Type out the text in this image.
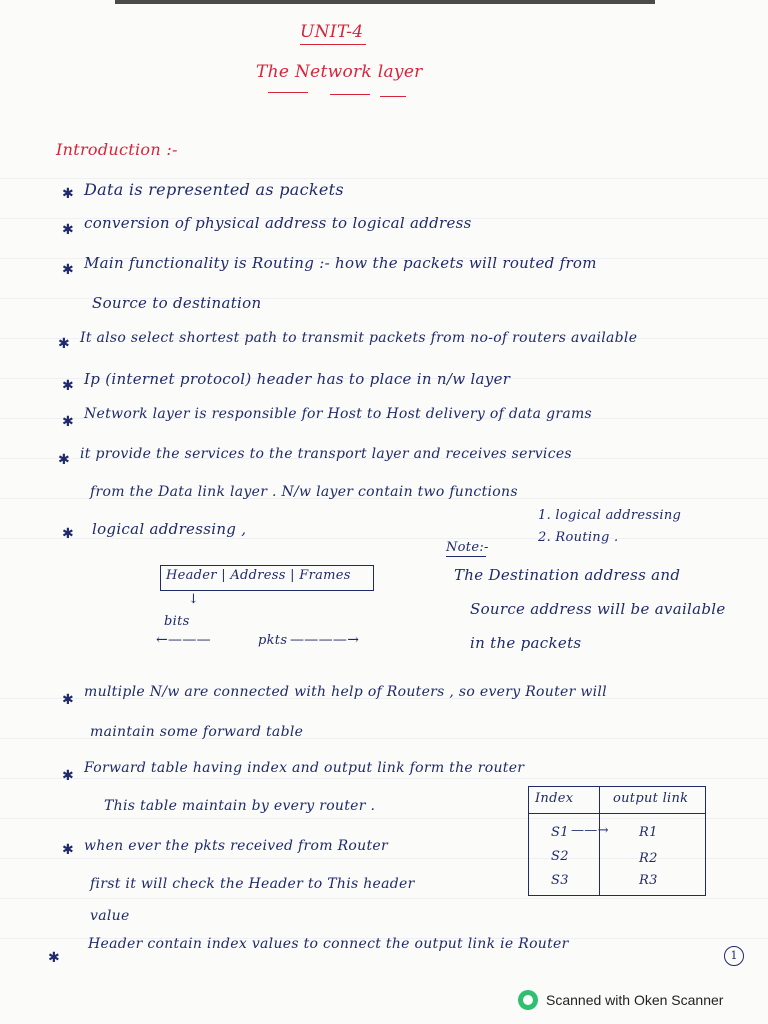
UNIT-4
The Network layer
Introduction :-
✱ Data is represented as packets
✱ conversion of physical address to logical address
✱ Main functionality is Routing :- how the packets will routed from
Source to destination
✱ It also select shortest path to transmit packets from no-of routers available
✱ Ip (internet protocol) header has to place in n/w layer
✱ Network layer is responsible for Host to Host delivery of data grams
✱ it provide the services to the transport layer and receives services
from the Data link layer . N/w layer contain two functions
1. logical addressing
2. Routing .
✱ logical addressing ,
Header | Address | Frames
↓
bits
←———	pkts ————→
Note:-
The Destination address and
Source address will be available
in the packets
✱ multiple N/w are connected with help of Routers , so every Router will
maintain some forward table
✱ Forward table having index and output link form the router
This table maintain by every router .
✱ when ever the pkts received from Router
first it will check the Header to This header
value
✱
Header contain index values to connect the output link ie Router
Index	output link
S1 ——→ R1
S2	R2
S3	R3
1
Scanned with Oken Scanner
